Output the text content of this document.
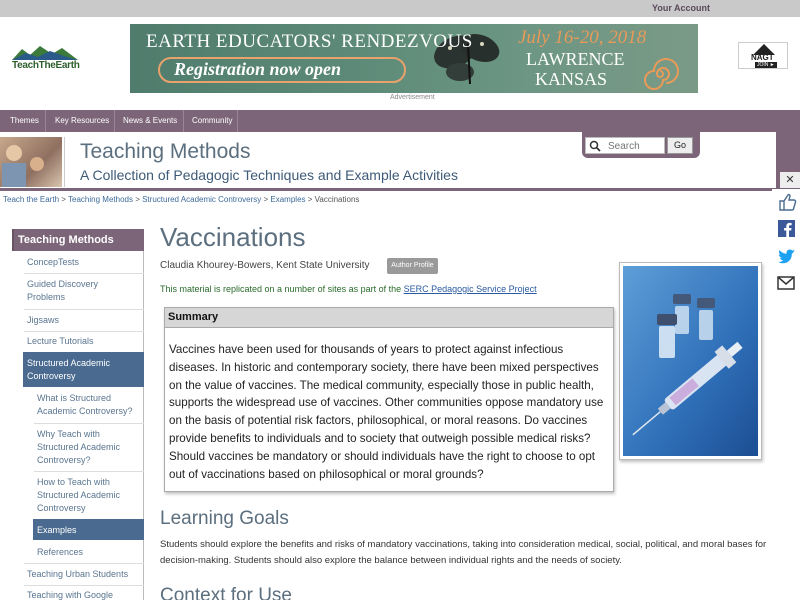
Your Account
TeachTheEarth
EARTH EDUCATORS' RENDEZVOUS
Registration now open
July 16-20, 2018
LAWRENCE
KANSAS
Advertisement
NAGT
JOIN ►
Themes Key Resources News & Events Community
Teaching Methods
A Collection of Pedagogic Techniques and Example Activities
Search
Go
Teach the Earth > Teaching Methods > Structured Academic Controversy > Examples > Vaccinations
Teaching Methods
ConcepTests
Guided Discovery
Problems
Jigsaws
Lecture Tutorials
Structured Academic
Controversy
What is Structured
Academic Controversy?
Why Teach with
Structured Academic
Controversy?
How to Teach with
Structured Academic
Controversy
Examples
References
Teaching Urban Students
Teaching with Google
Vaccinations
Claudia Khourey-Bowers, Kent State University	Author Profile
This material is replicated on a number of sites as part of the SERC Pedagogic Service Project
Summary

Vaccines have been used for thousands of years to protect against infectious diseases. In historic and contemporary society, there have been mixed perspectives on the value of vaccines. The medical community, especially those in public health, supports the widespread use of vaccines. Other communities oppose mandatory use on the basis of potential risk factors, philosophical, or moral reasons. Do vaccines provide benefits to individuals and to society that outweigh possible medical risks? Should vaccines be mandatory or should individuals have the right to choose to opt out of vaccinations based on philosophical or moral grounds?

Learning Goals

Students should explore the benefits and risks of mandatory vaccinations, taking into consideration medical, social, political, and moral bases for decision-making. Students should also explore the balance between individual rights and the needs of society.

Context for Use
✕
